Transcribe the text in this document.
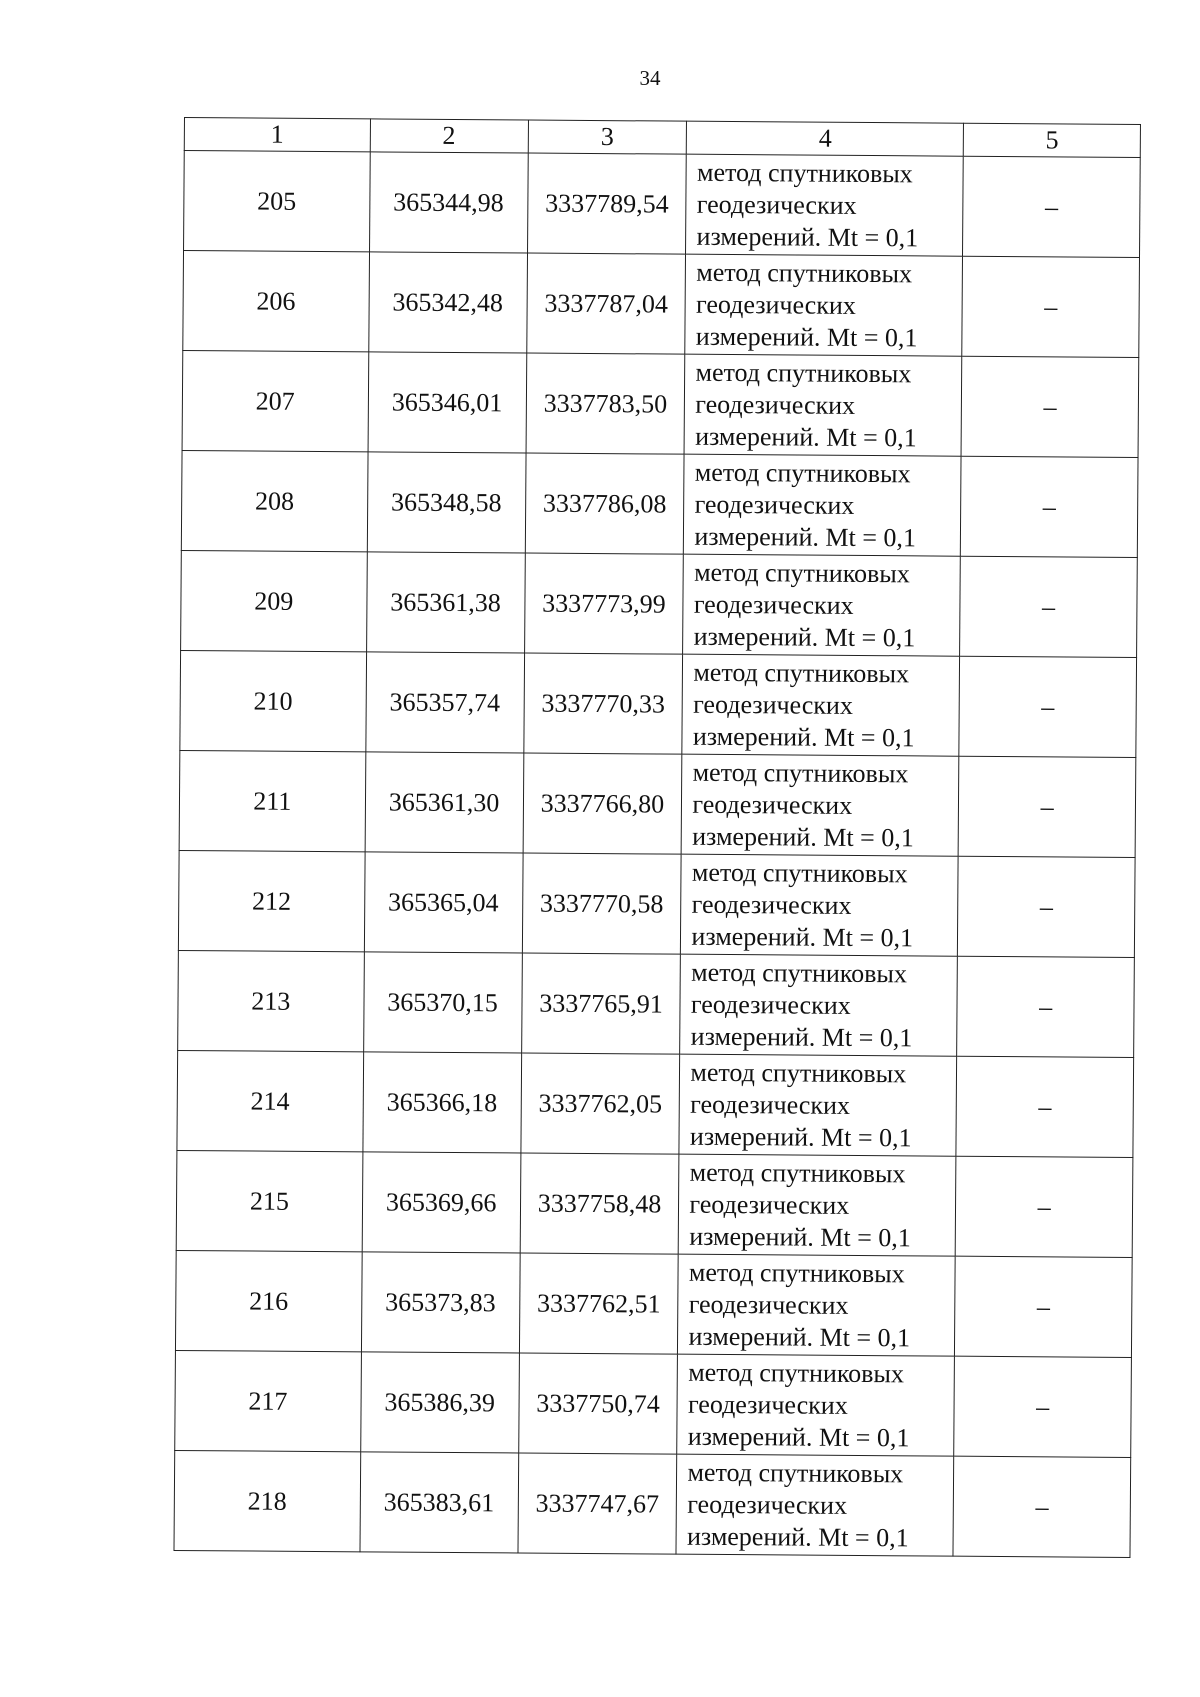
34
1	2	3	4	5
205	365344,98	3337789,54	метод спутниковых
геодезических
измерений. Mt = 0,1	–
206	365342,48	3337787,04	метод спутниковых
геодезических
измерений. Mt = 0,1	–
207	365346,01	3337783,50	метод спутниковых
геодезических
измерений. Mt = 0,1	–
208	365348,58	3337786,08	метод спутниковых
геодезических
измерений. Mt = 0,1	–
209	365361,38	3337773,99	метод спутниковых
геодезических
измерений. Mt = 0,1	–
210	365357,74	3337770,33	метод спутниковых
геодезических
измерений. Mt = 0,1	–
211	365361,30	3337766,80	метод спутниковых
геодезических
измерений. Mt = 0,1	–
212	365365,04	3337770,58	метод спутниковых
геодезических
измерений. Mt = 0,1	–
213	365370,15	3337765,91	метод спутниковых
геодезических
измерений. Mt = 0,1	–
214	365366,18	3337762,05	метод спутниковых
геодезических
измерений. Mt = 0,1	–
215	365369,66	3337758,48	метод спутниковых
геодезических
измерений. Mt = 0,1	–
216	365373,83	3337762,51	метод спутниковых
геодезических
измерений. Mt = 0,1	–
217	365386,39	3337750,74	метод спутниковых
геодезических
измерений. Mt = 0,1	–
218	365383,61	3337747,67	метод спутниковых
геодезических
измерений. Mt = 0,1	–
